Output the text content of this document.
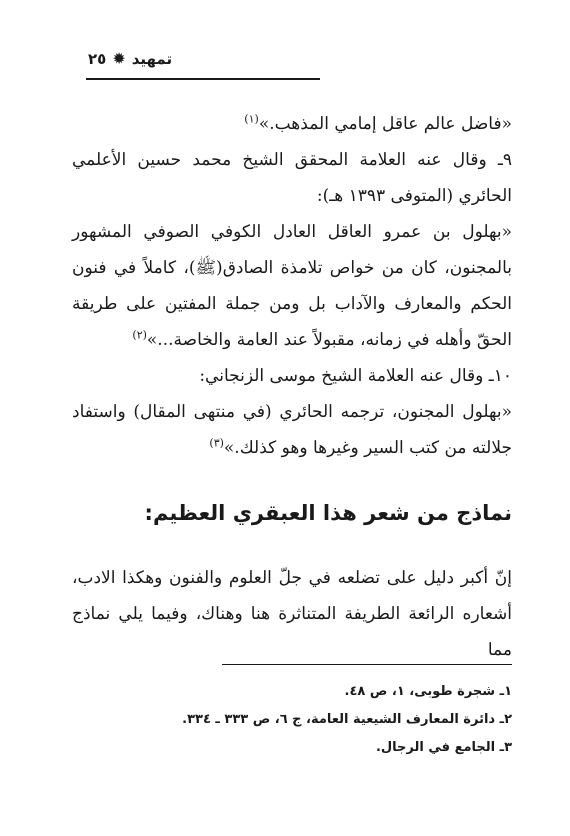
تمهيد
✹
٢٥
«فاضل عالم عاقل إمامي المذهب.»$^{(١)}$
٩ـ وقال عنه العلامة المحقق الشيخ محمد حسين الأعلمي الحائري (المتوفى ١٣٩٣ هـ):
«بهلول بن عمرو العاقل العادل الكوفي الصوفي المشهور بالمجنون، كان من خواص تلامذة الصادق(ﷺ)، كاملاً في فنون الحكم والمعارف والآداب بل ومن جملة المفتين على طريقة الحقّ وأهله في زمانه، مقبولاً عند العامة والخاصة...»$^{(٢)}$
١٠ـ وقال عنه العلامة الشيخ موسى الزنجاني:
«بهلول المجنون، ترجمه الحائري (في منتهى المقال) واستفاد جلالته من كتب السير وغيرها وهو كذلك.»$^{(٣)}$
نماذج من شعر هذا العبقري العظيم:
إنّ أكبر دليل على تضلعه في جلّ العلوم والفنون وهكذا الادب، أشعاره الرائعة الطريفة المتناثرة هنا وهناك، وفيما يلي نماذج مما
١ـ شجرة طوبى، ١، ص ٤٨.
٢ـ دائرة المعارف الشيعية العامة، ج ٦، ص ٣٣٣ ـ ٣٣٤.
٣ـ الجامع في الرجال.
